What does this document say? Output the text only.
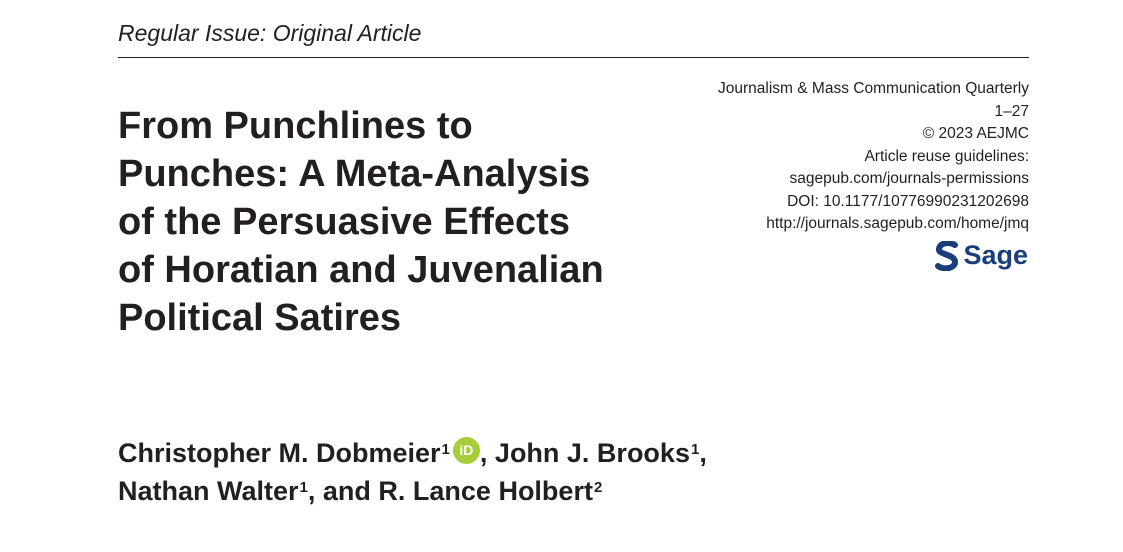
Regular Issue: Original Article
From Punchlines to
Punches: A Meta-Analysis
of the Persuasive Effects
of Horatian and Juvenalian
Political Satires
Journalism & Mass Communication Quarterly
1–27
© 2023 AEJMC
Article reuse guidelines:
sagepub.com/journals-permissions
DOI: 10.1177/10776990231202698
http://journals.sagepub.com/home/jmq
Sage
Christopher M. Dobmeier$^1$ iD , John J. Brooks$^1$,
Nathan Walter$^1$, and R. Lance Holbert$^2$
